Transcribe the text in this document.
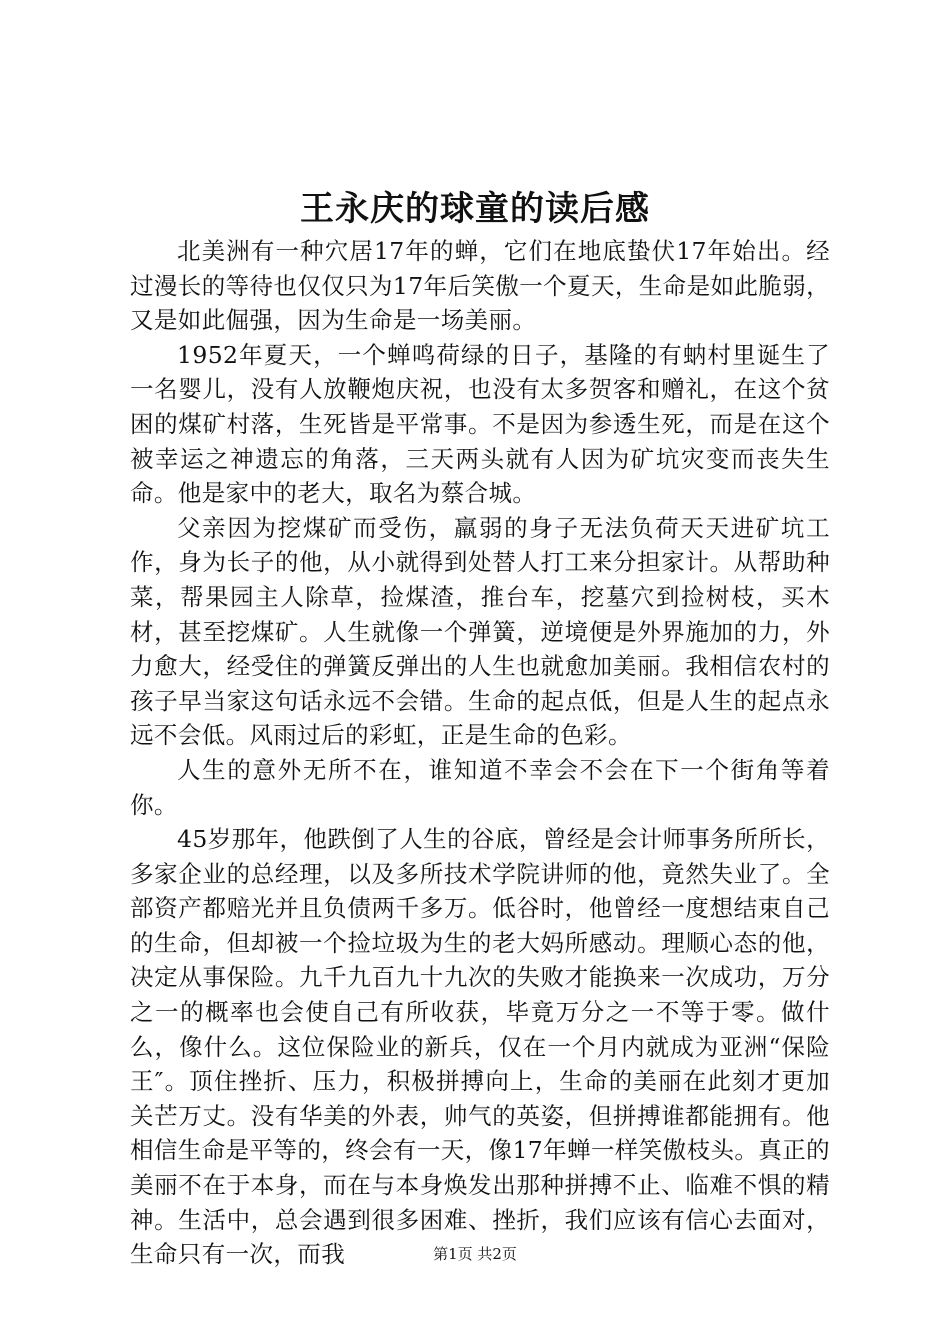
王永庆的球童的读后感

北美洲有一种穴居17年的蝉，它们在地底蛰伏17年始出。经过漫长的等待也仅仅只为17年后笑傲一个夏天，生命是如此脆弱，又是如此倔强，因为生命是一场美丽。

1952年夏天，一个蝉鸣荷绿的日子，基隆的有蚋村里诞生了一名婴儿，没有人放鞭炮庆祝，也没有太多贺客和赠礼，在这个贫困的煤矿村落，生死皆是平常事。不是因为参透生死，而是在这个被幸运之神遗忘的角落，三天两头就有人因为矿坑灾变而丧失生命。他是家中的老大，取名为蔡合城。

父亲因为挖煤矿而受伤，羸弱的身子无法负荷天天进矿坑工作，身为长子的他，从小就得到处替人打工来分担家计。从帮助种菜，帮果园主人除草，捡煤渣，推台车，挖墓穴到捡树枝，买木材，甚至挖煤矿。人生就像一个弹簧，逆境便是外界施加的力，外力愈大，经受住的弹簧反弹出的人生也就愈加美丽。我相信农村的孩子早当家这句话永远不会错。生命的起点低，但是人生的起点永远不会低。风雨过后的彩虹，正是生命的色彩。

人生的意外无所不在，谁知道不幸会不会在下一个街角等着你。

45岁那年，他跌倒了人生的谷底，曾经是会计师事务所所长，多家企业的总经理，以及多所技术学院讲师的他，竟然失业了。全部资产都赔光并且负债两千多万。低谷时，他曾经一度想结束自己的生命，但却被一个捡垃圾为生的老大妈所感动。理顺心态的他，决定从事保险。九千九百九十九次的失败才能换来一次成功，万分之一的概率也会使自己有所收获，毕竟万分之一不等于零。做什么，像什么。这位保险业的新兵，仅在一个月内就成为亚洲“保险王″。顶住挫折、压力，积极拼搏向上，生命的美丽在此刻才更加关芒万丈。没有华美的外表，帅气的英姿，但拼搏谁都能拥有。他相信生命是平等的，终会有一天，像17年蝉一样笑傲枝头。真正的美丽不在于本身，而在与本身焕发出那种拼搏不止、临难不惧的精神。生活中，总会遇到很多困难、挫折，我们应该有信心去面对，生命只有一次，而我	第1页 共2页
